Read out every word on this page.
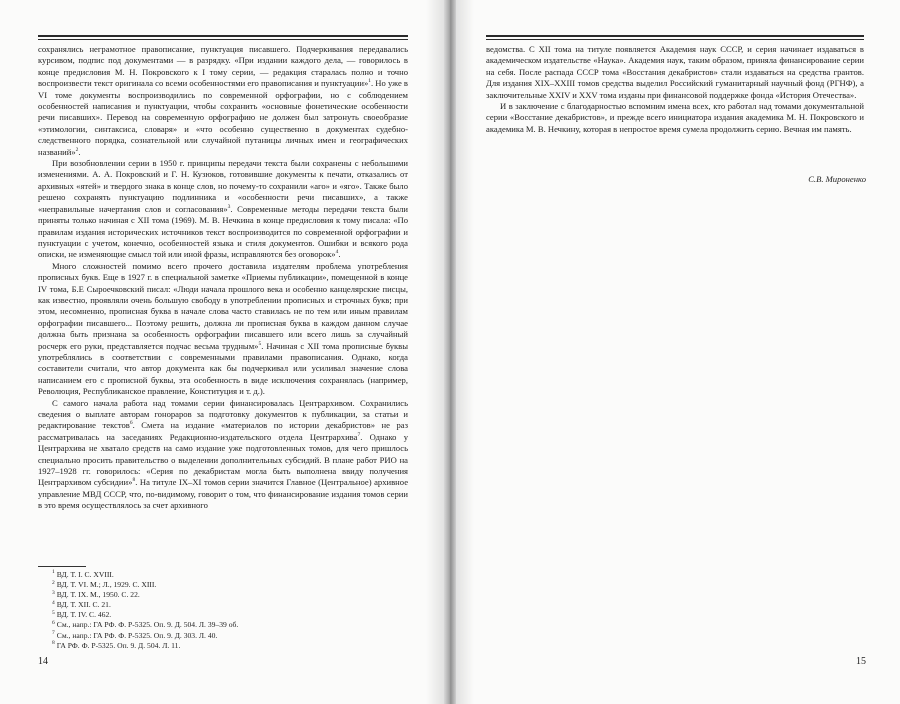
сохранялись неграмотное правописание, пунктуация писавшего. Подчеркивания передавались курсивом, подпис под документами — в разрядку. «При издании каждого дела, — говорилось в конце предисловия М. Н. Покровского к I тому серии, — редакция старалась полно и точно воспроизвести текст оригинала со всеми особенностями его правописания и пунктуации»$^1$. Но уже в VI томе документы воспроизводились по современной орфографии, но с соблюдением особенностей написания и пунктуации, чтобы сохранить «основные фонетические особенности речи писавших». Перевод на современную орфографию не должен был затронуть своеобразие «этимологии, синтаксиса, словаря» и «что особенно существенно в документах судебно-следственного порядка, сознательной или случайной путаницы личных имен и географических названий»$^2$.

При возобновлении серии в 1950 г. принципы передачи текста были сохранены с небольшими изменениями. А. А. Покровский и Г. Н. Кузюков, готовившие документы к печати, отказались от архивных «ятей» и твердого знака в конце слов, но почему-то сохранили «аго» и «яго». Также было решено сохранять пунктуацию подлинника и «особенности речи писавших», а также «неправильные начертания слов и согласования»$^3$. Современные методы передачи текста были приняты только начиная с XII тома (1969). М. В. Нечкина в конце предисловия к тому писала: «По правилам издания исторических источников текст воспроизводится по современной орфографии и пунктуации с учетом, конечно, особенностей языка и стиля документов. Ошибки и всякого рода описки, не изменяющие смысл той или иной фразы, исправляются без оговорок»$^4$.

Много сложностей помимо всего прочего доставила издателям проблема употребления прописных букв. Еще в 1927 г. в специальной заметке «Приемы публикации», помещенной в конце IV тома, Б.Е Сыроечковский писал: «Люди начала прошлого века и особенно канцелярские писцы, как известно, проявляли очень большую свободу в употреблении прописных и строчных букв; при этом, несомненно, прописная буква в начале слова часто ставилась не по тем или иным правилам орфографии писавшего... Поэтому решить, должна ли прописная буква в каждом данном случае должна быть признана за особенность орфографии писавшего или всего лишь за случайный росчерк его руки, представляется подчас весьма трудным»$^5$. Начиная с XII тома прописные буквы употреблялись в соответствии с современными правилами правописания. Однако, когда составители считали, что автор документа как бы подчеркивал или усиливал значение слова написанием его с прописной буквы, эта особенность в виде исключения сохранялась (например, Революция, Республиканское правление, Конституция и т. д.).

С самого начала работа над томами серии финансировалась Центрархивом. Сохранились сведения о выплате авторам гонораров за подготовку документов к публикации, за статьи и редактирование текстов$^6$. Смета на издание «материалов по истории декабристов» не раз рассматривалась на заседаниях Редакционно-издательского отдела Центрархива$^7$. Однако у Центрархива не хватало средств на само издание уже подготовленных томов, для чего пришлось специально просить правительство о выделении дополнительных субсидий. В плане работ РИО на 1927–1928 гг. говорилось: «Серия по декабристам могла быть выполнена ввиду получения Центрархивом субсидии»$^8$. На титуле IX–XI томов серии значится Главное (Центральное) архивное управление МВД СССР, что, по-видимому, говорит о том, что финансирование издания томов серии в это время осуществлялось за счет архивного

$^1$ ВД. Т. I. С. XVIII.
$^2$ ВД. Т. VI. М.; Л., 1929. С. XIII.
$^3$ ВД. Т. IX. М., 1950. С. 22.
$^4$ ВД. Т. XII. С. 21.
$^5$ ВД. Т. IV. С. 462.
$^6$ См., напр.: ГА РФ. Ф. Р-5325. Оп. 9. Д. 504. Л. 39–39 об.
$^7$ См., напр.: ГА РФ. Ф. Р-5325. Оп. 9. Д. 303. Л. 40.
$^8$ ГА РФ. Ф. Р-5325. Оп. 9. Д. 504. Л. 11.
14

ведомства. С XII тома на титуле появляется Академия наук СССР, и серия начинает издаваться в академическом издательстве «Наука». Академия наук, таким образом, приняла финансирование серии на себя. После распада СССР тома «Восстания декабристов» стали издаваться на средства грантов. Для издания XIX–XXIII томов средства выделил Российский гуманитарный научный фонд (РГНФ), а заключительные XXIV и XXV тома изданы при финансовой поддержке фонда «История Отечества».

И в заключение с благодарностью вспомним имена всех, кто работал над томами документальной серии «Восстание декабристов», и прежде всего инициатора издания академика М. Н. Покровского и академика М. В. Нечкину, которая в непростое время сумела продолжить серию. Вечная им память.

С.В. Мироненко
15
